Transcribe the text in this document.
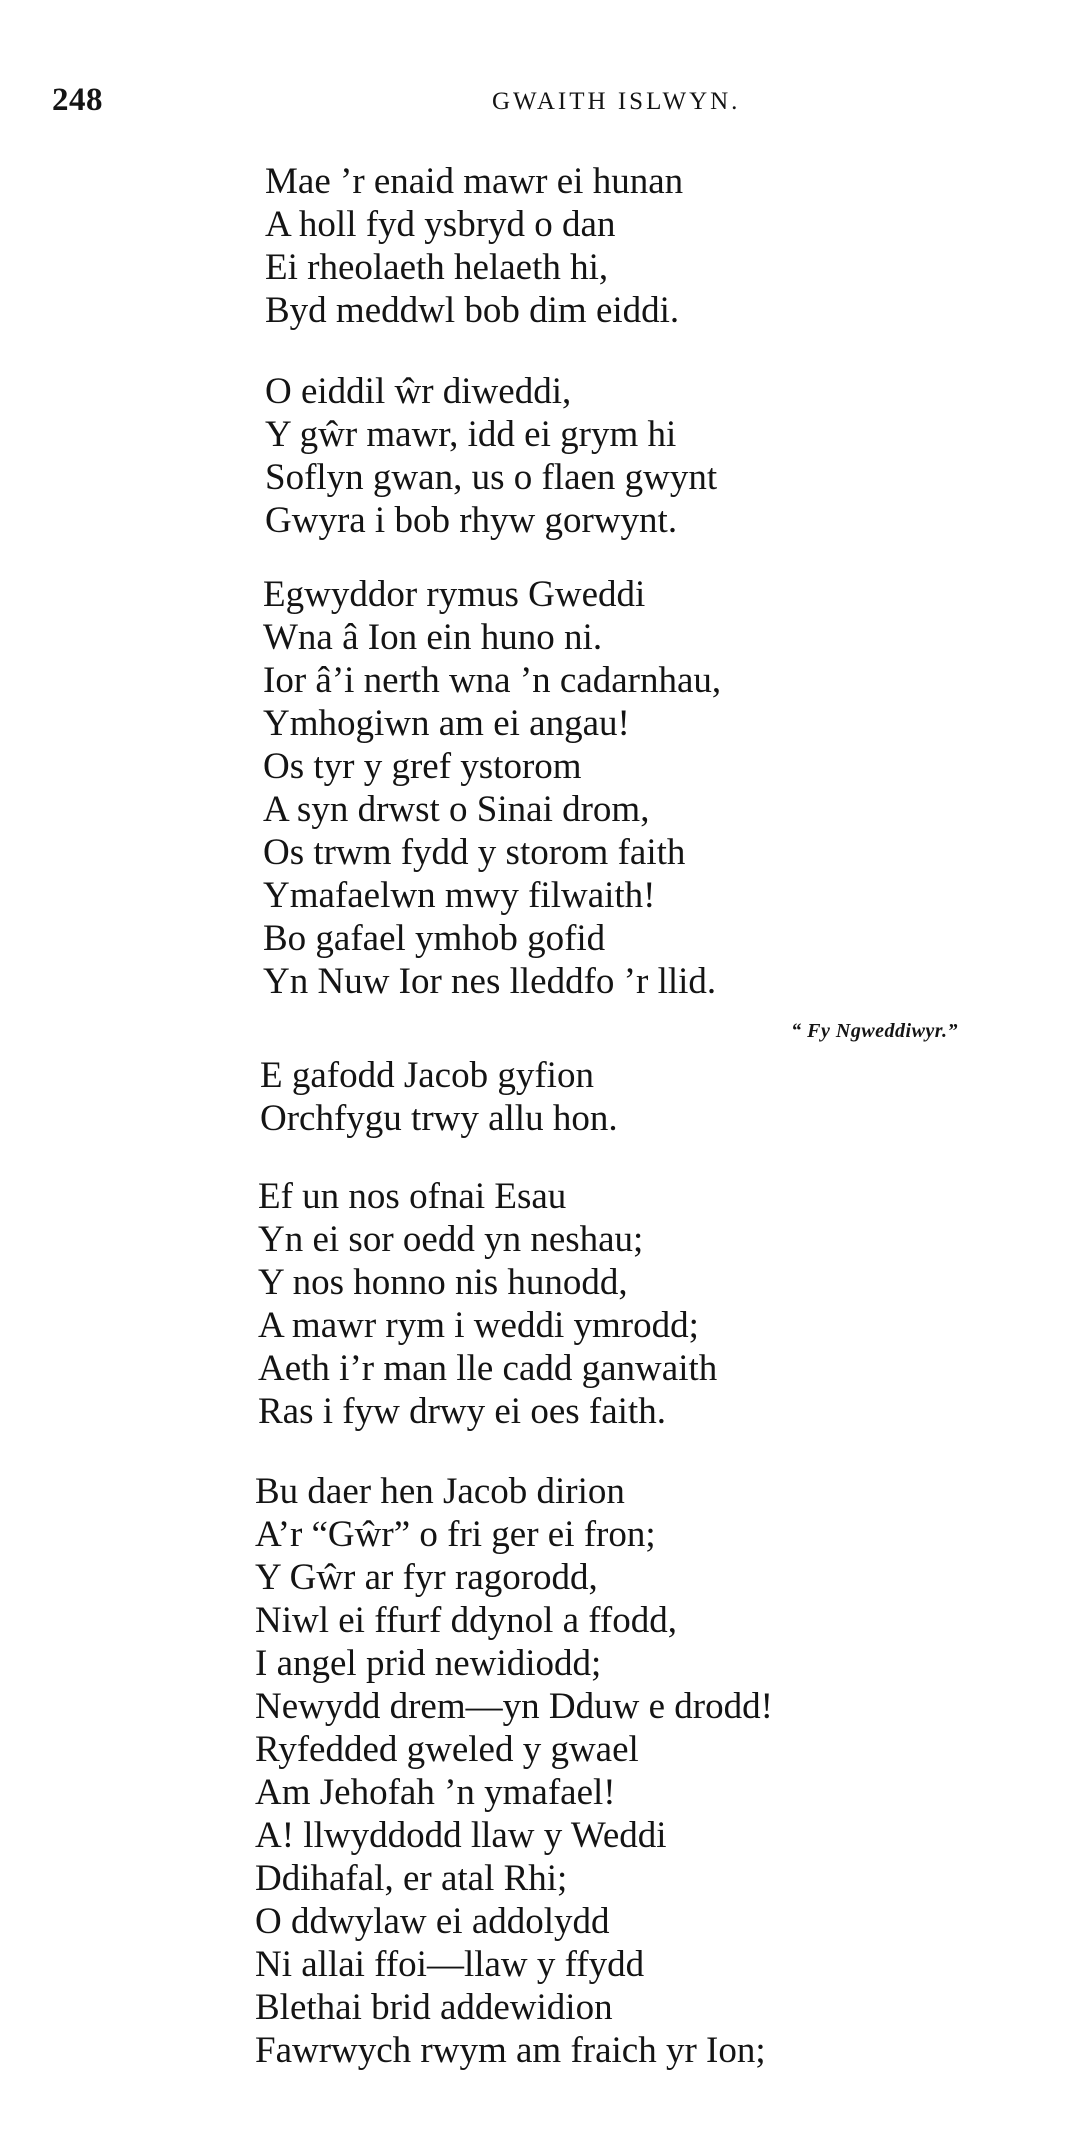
248	GWAITH ISLWYN.
Mae ’r enaid mawr ei hunan
A holl fyd ysbryd o dan
Ei rheolaeth helaeth hi,
Byd meddwl bob dim eiddi.
O eiddil ŵr diweddi,
Y gŵr mawr, idd ei grym hi
Soflyn gwan, us o flaen gwynt
Gwyra i bob rhyw gorwynt.
Egwyddor rymus Gweddi
Wna â Ion ein huno ni.
Ior â’i nerth wna ’n cadarnhau,
Ymhogiwn am ei angau!
Os tyr y gref ystorom
A syn drwst o Sinai drom,
Os trwm fydd y storom faith
Ymafaelwn mwy filwaith!
Bo gafael ymhob gofid
Yn Nuw Ior nes lleddfo ’r llid.
“ Fy Ngweddiwyr.”
E gafodd Jacob gyfion
Orchfygu trwy allu hon.
Ef un nos ofnai Esau
Yn ei sor oedd yn neshau;
Y nos honno nis hunodd,
A mawr rym i weddi ymrodd;
Aeth i’r man lle cadd ganwaith
Ras i fyw drwy ei oes faith.
Bu daer hen Jacob dirion
A’r “Gŵr” o fri ger ei fron;
Y Gŵr ar fyr ragorodd,
Niwl ei ffurf ddynol a ffodd,
I angel prid newidiodd;
Newydd drem—yn Dduw e drodd!
Ryfedded gweled y gwael
Am Jehofah ’n ymafael!
A! llwyddodd llaw y Weddi
Ddihafal, er atal Rhi;
O ddwylaw ei addolydd
Ni allai ffoi—llaw y ffydd
Blethai brid addewidion
Fawrwych rwym am fraich yr Ion;
